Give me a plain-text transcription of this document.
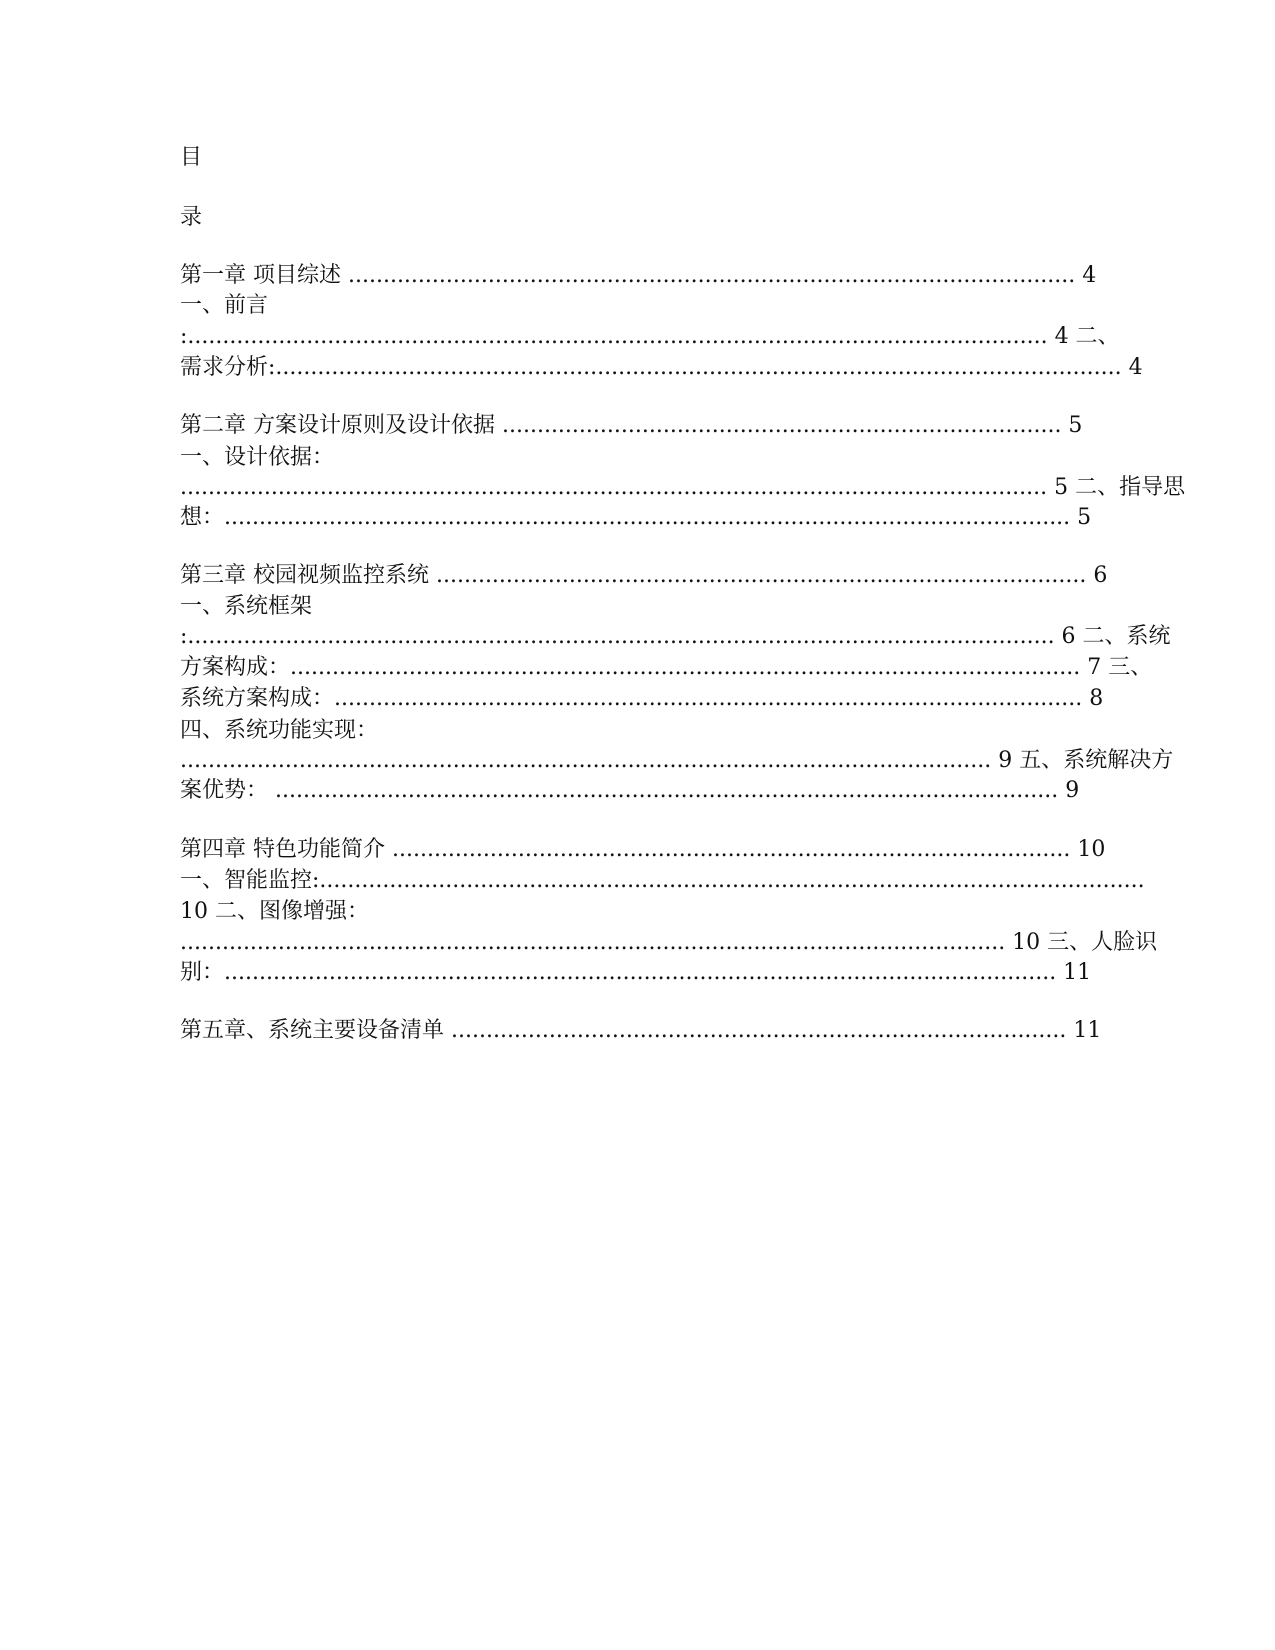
目
录
第一章 项目综述 ........................................................................................................ 4
一、前言
:........................................................................................................................... 4 二、
需求分析:......................................................................................................................... 4
第二章 方案设计原则及设计依据 ................................................................................ 5
一、设计依据：
............................................................................................................................ 5 二、指导思
想：......................................................................................................................... 5
第三章 校园视频监控系统 ............................................................................................. 6
一、系统框架
:............................................................................................................................ 6 二、系统
方案构成：................................................................................................................. 7 三、
系统方案构成：........................................................................................................... 8
四、系统功能实现：
.................................................................................................................... 9 五、系统解决方
案优势： ................................................................................................................ 9
第四章 特色功能简介 ................................................................................................. 10
一、智能监控:......................................................................................................................
10 二、图像增强：
...................................................................................................................... 10 三、人脸识
别：....................................................................................................................... 11
第五章、系统主要设备清单 ........................................................................................ 11
